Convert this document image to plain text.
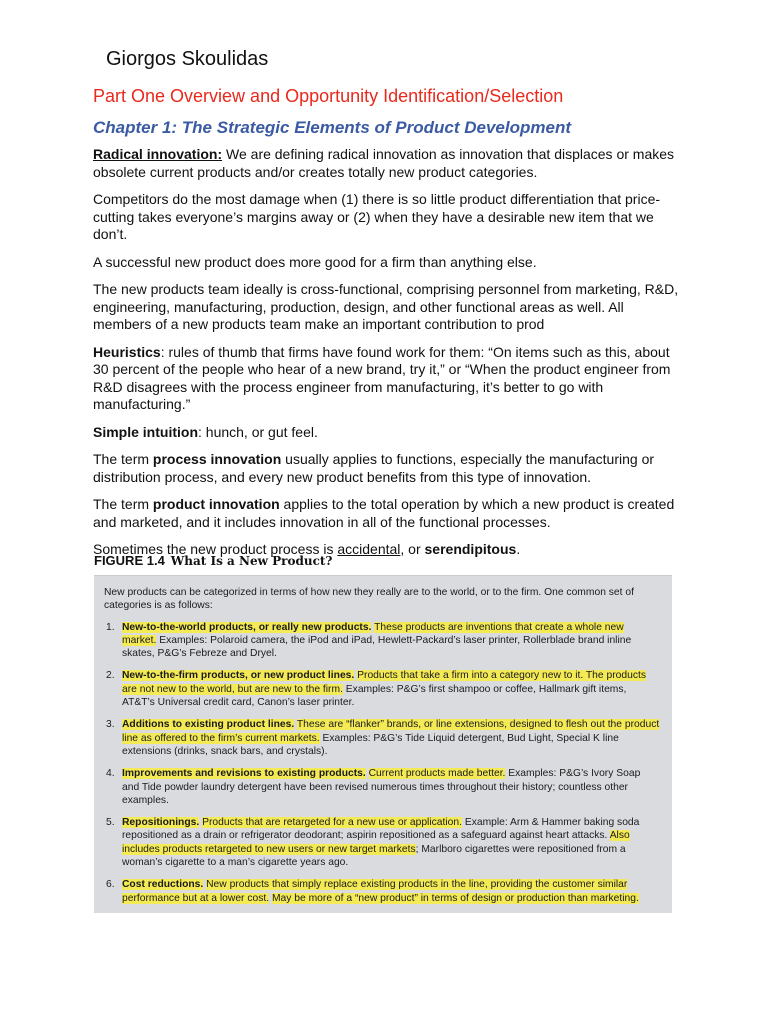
Giorgos Skoulidas
Part One Overview and Opportunity Identification/Selection
Chapter 1: The Strategic Elements of Product Development

Radical innovation: We are defining radical innovation as innovation that displaces or makes obsolete current products and/or creates totally new product categories.

Competitors do the most damage when (1) there is so little product differentiation that price-cutting takes everyone’s margins away or (2) when they have a desirable new item that we don’t.

A successful new product does more good for a firm than anything else.

The new products team ideally is cross-functional, comprising personnel from marketing, R&D, engineering, manufacturing, production, design, and other functional areas as well. All members of a new products team make an important contribution to prod

Heuristics: rules of thumb that firms have found work for them: “On items such as this, about 30 percent of the people who hear of a new brand, try it,” or “When the product engineer from R&D disagrees with the process engineer from manufacturing, it’s better to go with manufacturing.”

Simple intuition: hunch, or gut feel.

The term process innovation usually applies to functions, especially the manufacturing or distribution process, and every new product benefits from this type of innovation.

The term product innovation applies to the total operation by which a new product is created and marketed, and it includes innovation in all of the functional processes.

Sometimes the new product process is accidental, or serendipitous.

FIGURE 1.4 What Is a New Product?

New products can be categorized in terms of how new they really are to the world, or to the firm. One common set of categories is as follows:

1. New-to-the-world products, or really new products. These products are inventions that create a whole new market. Examples: Polaroid camera, the iPod and iPad, Hewlett-Packard’s laser printer, Rollerblade brand inline skates, P&G’s Febreze and Dryel.
2. New-to-the-firm products, or new product lines. Products that take a firm into a category new to it. The products are not new to the world, but are new to the firm. Examples: P&G’s first shampoo or coffee, Hallmark gift items, AT&T’s Universal credit card, Canon’s laser printer.
3. Additions to existing product lines. These are “flanker” brands, or line extensions, designed to flesh out the product line as offered to the firm’s current markets. Examples: P&G’s Tide Liquid detergent, Bud Light, Special K line extensions (drinks, snack bars, and crystals).
4. Improvements and revisions to existing products. Current products made better. Examples: P&G’s Ivory Soap and Tide powder laundry detergent have been revised numerous times throughout their history; countless other examples.
5. Repositionings. Products that are retargeted for a new use or application. Example: Arm & Hammer baking soda repositioned as a drain or refrigerator deodorant; aspirin repositioned as a safeguard against heart attacks. Also includes products retargeted to new users or new target markets; Marlboro cigarettes were repositioned from a woman’s cigarette to a man’s cigarette years ago.
6. Cost reductions. New products that simply replace existing products in the line, providing the customer similar performance but at a lower cost. May be more of a “new product” in terms of design or production than marketing.
